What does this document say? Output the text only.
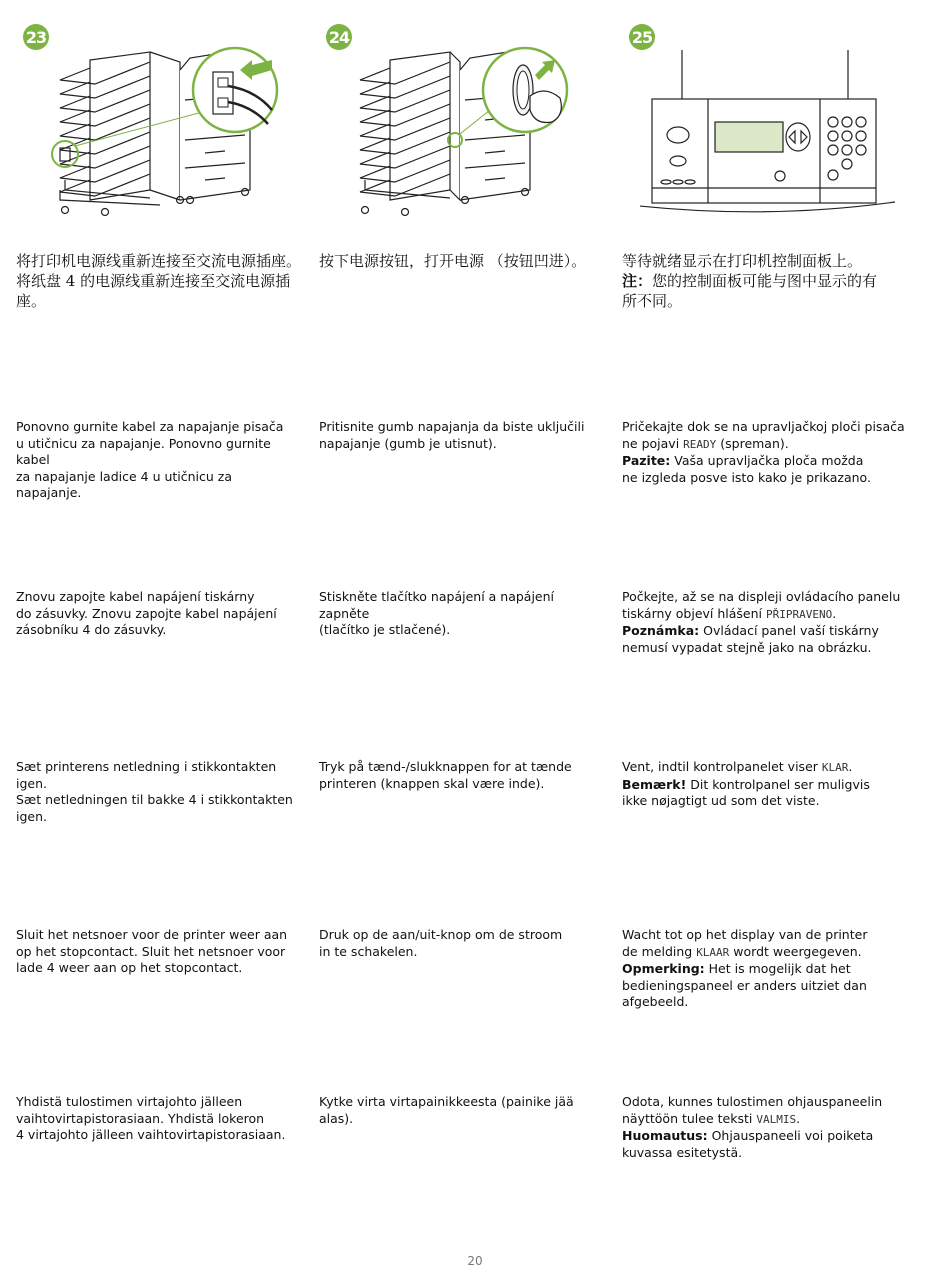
23	24	25
将打印机电源线重新连接至交流电源插座。将纸盘 4 的电源线重新连接至交流电源插座。
Ponovno gurnite kabel za napajanje pisača
u utičnicu za napajanje. Ponovno gurnite kabel
za napajanje ladice 4 u utičnicu za napajanje.
Znovu zapojte kabel napájení tiskárny
do zásuvky. Znovu zapojte kabel napájení
zásobníku 4 do zásuvky.
Sæt printerens netledning i stikkontakten igen.
Sæt netledningen til bakke 4 i stikkontakten igen.
Sluit het netsnoer voor de printer weer aan
op het stopcontact. Sluit het netsnoer voor
lade 4 weer aan op het stopcontact.
Yhdistä tulostimen virtajohto jälleen
vaihtovirtapistorasiaan. Yhdistä lokeron
4 virtajohto jälleen vaihtovirtapistorasiaan.
按下电源按钮，打开电源 （按钮凹进）。
Pritisnite gumb napajanja da biste uključili
napajanje (gumb je utisnut).
Stiskněte tlačítko napájení a napájení zapněte
(tlačítko je stlačené).
Tryk på tænd-/slukknappen for at tænde
printeren (knappen skal være inde).
Druk op de aan/uit-knop om de stroom
in te schakelen.
Kytke virta virtapainikkeesta (painike jää alas).
等待就绪显示在打印机控制面板上。
注：您的控制面板可能与图中显示的有所不同。
Pričekajte dok se na upravljačkoj ploči pisača
ne pojavi READY (spreman).
Pazite: Vaša upravljačka ploča možda
ne izgleda posve isto kako je prikazano.
Počkejte, až se na displeji ovládacího panelu
tiskárny objeví hlášení PŘIPRAVENO.
Poznámka: Ovládací panel vaší tiskárny
nemusí vypadat stejně jako na obrázku.
Vent, indtil kontrolpanelet viser KLAR.
Bemærk! Dit kontrolpanel ser muligvis
ikke nøjagtigt ud som det viste.
Wacht tot op het display van de printer
de melding KLAAR wordt weergegeven.
Opmerking: Het is mogelijk dat het
bedieningspaneel er anders uitziet dan
afgebeeld.
Odota, kunnes tulostimen ohjauspaneelin
näyttöön tulee teksti VALMIS.
Huomautus: Ohjauspaneeli voi poiketa
kuvassa esitetystä.
20
